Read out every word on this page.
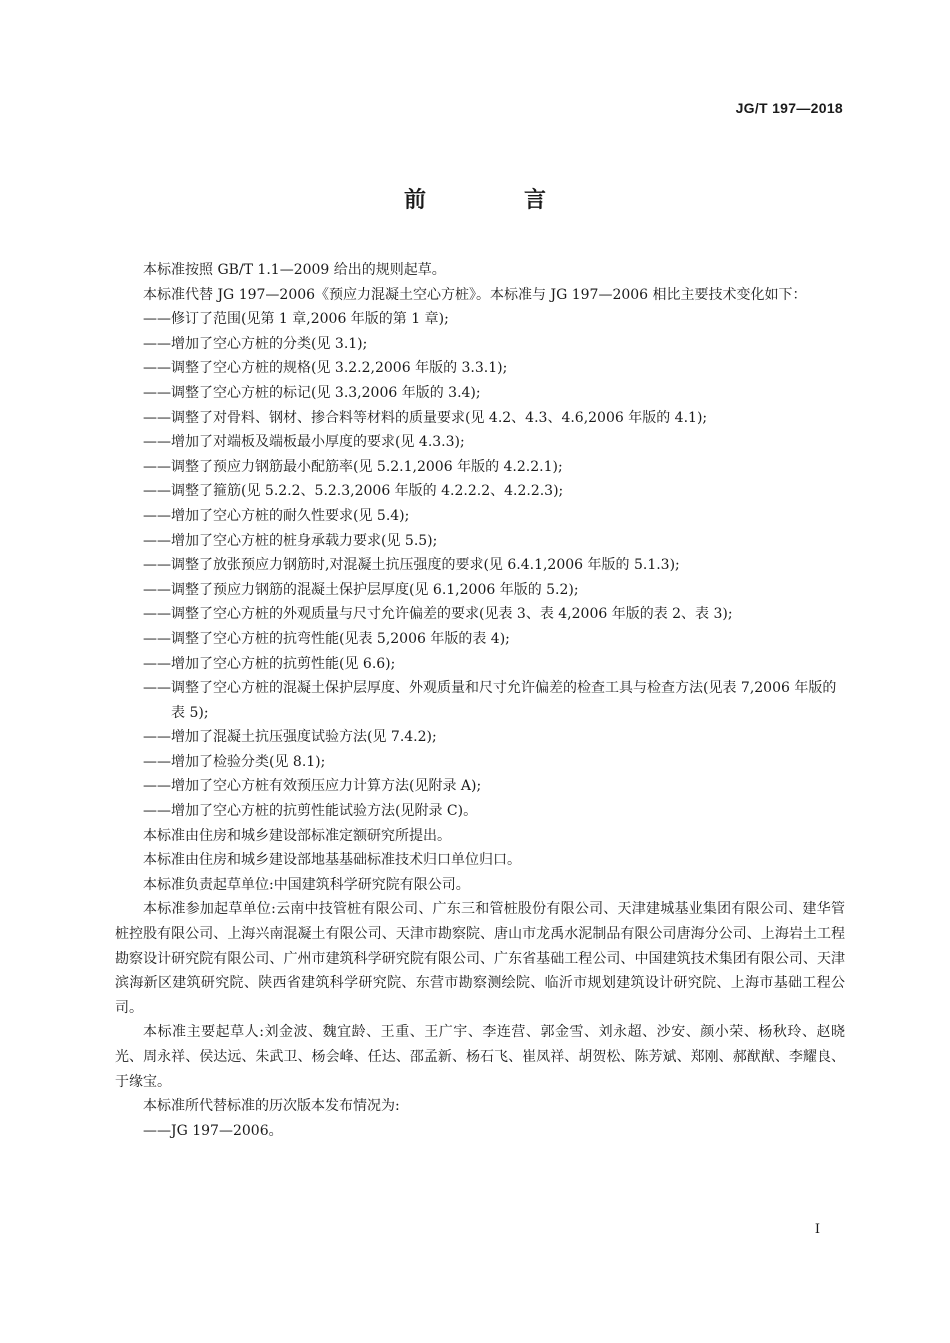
JG/T 197—2018
前　言

本标准按照 GB/T 1.1—2009 给出的规则起草。

本标准代替 JG 197—2006《预应力混凝土空心方桩》。本标准与 JG 197—2006 相比主要技术变化如下：

——修订了范围(见第 1 章,2006 年版的第 1 章);
——增加了空心方桩的分类(见 3.1);
——调整了空心方桩的规格(见 3.2.2,2006 年版的 3.3.1);
——调整了空心方桩的标记(见 3.3,2006 年版的 3.4);
——调整了对骨料、钢材、掺合料等材料的质量要求(见 4.2、4.3、4.6,2006 年版的 4.1);
——增加了对端板及端板最小厚度的要求(见 4.3.3);
——调整了预应力钢筋最小配筋率(见 5.2.1,2006 年版的 4.2.2.1);
——调整了箍筋(见 5.2.2、5.2.3,2006 年版的 4.2.2.2、4.2.2.3);
——增加了空心方桩的耐久性要求(见 5.4);
——增加了空心方桩的桩身承载力要求(见 5.5);
——调整了放张预应力钢筋时,对混凝土抗压强度的要求(见 6.4.1,2006 年版的 5.1.3);
——调整了预应力钢筋的混凝土保护层厚度(见 6.1,2006 年版的 5.2);
——调整了空心方桩的外观质量与尺寸允许偏差的要求(见表 3、表 4,2006 年版的表 2、表 3);
——调整了空心方桩的抗弯性能(见表 5,2006 年版的表 4);
——增加了空心方桩的抗剪性能(见 6.6);
——调整了空心方桩的混凝土保护层厚度、外观质量和尺寸允许偏差的检查工具与检查方法(见表 7,2006 年版的表 5);
——增加了混凝土抗压强度试验方法(见 7.4.2);
——增加了检验分类(见 8.1);
——增加了空心方桩有效预压应力计算方法(见附录 A);
——增加了空心方桩的抗剪性能试验方法(见附录 C)。

本标准由住房和城乡建设部标准定额研究所提出。

本标准由住房和城乡建设部地基基础标准技术归口单位归口。

本标准负责起草单位:中国建筑科学研究院有限公司。

本标准参加起草单位:云南中技管桩有限公司、广东三和管桩股份有限公司、天津建城基业集团有限公司、建华管桩控股有限公司、上海兴南混凝土有限公司、天津市勘察院、唐山市龙禹水泥制品有限公司唐海分公司、上海岩土工程勘察设计研究院有限公司、广州市建筑科学研究院有限公司、广东省基础工程公司、中国建筑技术集团有限公司、天津滨海新区建筑研究院、陕西省建筑科学研究院、东营市勘察测绘院、临沂市规划建筑设计研究院、上海市基础工程公司。

本标准主要起草人:刘金波、魏宜龄、王重、王广宇、李连营、郭金雪、刘永超、沙安、颜小荣、杨秋玲、赵晓光、周永祥、侯达远、朱武卫、杨会峰、任达、邵孟新、杨石飞、崔凤祥、胡贺松、陈芳斌、郑刚、郝猷猷、李耀良、于缘宝。

本标准所代替标准的历次版本发布情况为:

——JG 197—2006。
I
